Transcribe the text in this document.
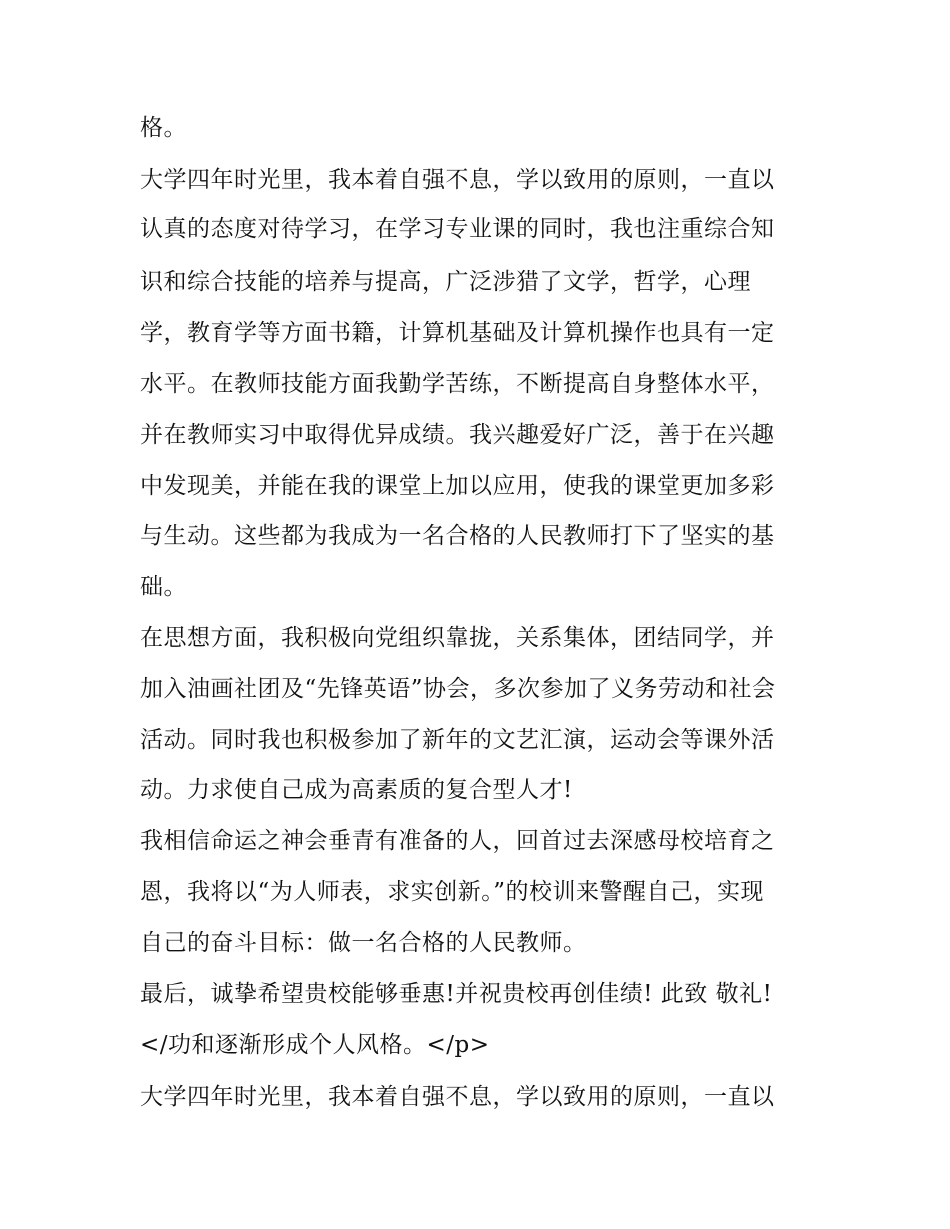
格。
大学四年时光里，我本着自强不息，学以致用的原则，一直以
认真的态度对待学习，在学习专业课的同时，我也注重综合知
识和综合技能的培养与提高，广泛涉猎了文学，哲学，心理
学，教育学等方面书籍，计算机基础及计算机操作也具有一定
水平。在教师技能方面我勤学苦练，不断提高自身整体水平，
并在教师实习中取得优异成绩。我兴趣爱好广泛，善于在兴趣
中发现美，并能在我的课堂上加以应用，使我的课堂更加多彩
与生动。这些都为我成为一名合格的人民教师打下了坚实的基
础。
在思想方面，我积极向党组织靠拢，关系集体，团结同学，并
加入油画社团及“先锋英语”协会，多次参加了义务劳动和社会
活动。同时我也积极参加了新年的文艺汇演，运动会等课外活
动。力求使自己成为高素质的复合型人才!
我相信命运之神会垂青有准备的人，回首过去深感母校培育之
恩，我将以“为人师表，求实创新。”的校训来警醒自己，实现
自己的奋斗目标：做一名合格的人民教师。
最后，诚挚希望贵校能够垂惠!并祝贵校再创佳绩! 此致 敬礼!
</功和逐渐形成个人风格。</p>
大学四年时光里，我本着自强不息，学以致用的原则，一直以
